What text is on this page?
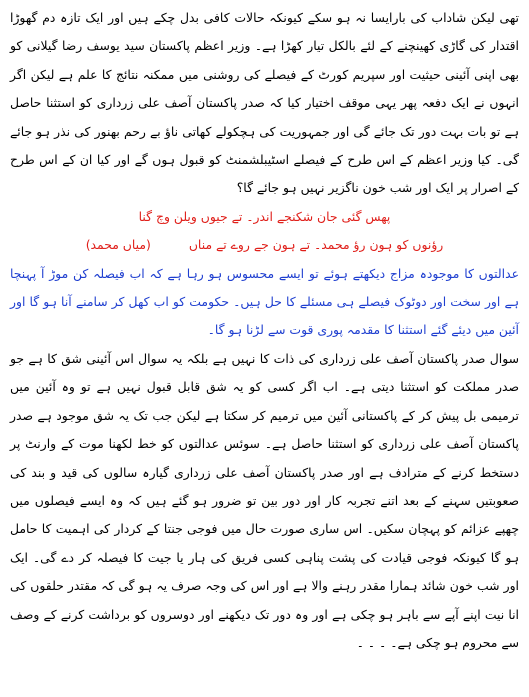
تھی لیکن شاداب کی بارایسا نہ ہو سکے کیونکہ حالات کافی بدل چکے ہیں اور ایک تازہ دم گھوڑا اقتدار کی گاڑی کھینچنے کے لئے بالکل تیار کھڑا ہے۔ وزیر اعظم پاکستان سید یوسف رضا گیلانی کو بھی اپنی آئینی حیثیت اور سپریم کورٹ کے فیصلے کی روشنی میں ممکنہ نتائج کا علم ہے لیکن اگر انہوں نے ایک دفعہ پھر یہی موقف اختیار کیا کہ صدر پاکستان آصف علی زرداری کو استثنا حاصل ہے تو بات بہت دور تک جائے گی اور جمہوریت کی ہچکولے کھاتی ناؤ بے رحم بھنور کی نذر ہو جائے گی۔ کیا وزیر اعظم کے اس طرح کے فیصلے اسٹیبلشمنٹ کو قبول ہوں گے اور کیا ان کے اس طرح کے اصرار پر ایک اور شب خون ناگزیر نہیں ہو جائے گا؟

پھس گئی جان شکنجے اندر۔ تے جیوں ویلن وچ گنا

رؤنوں کو ہون رؤ محمد۔ تے ہون جے روے تے مناں (میاں محمد)

عدالتوں کا موجودہ مزاج دیکھتے ہوئے تو ایسے محسوس ہو رہا ہے کہ اب فیصلہ کن موڑ آ پہنچا ہے اور سخت اور دوٹوک فیصلے ہی مسئلے کا حل ہیں۔ حکومت کو اب کھل کر سامنے آنا ہو گا اور آئین میں دیئے گئے استثنا کا مقدمہ پوری قوت سے لڑنا ہو گا۔

سوال صدر پاکستان آصف علی زرداری کی ذات کا نہیں ہے بلکہ یہ سوال اس آئینی شق کا ہے جو صدر مملکت کو استثنا دیتی ہے۔ اب اگر کسی کو یہ شق قابل قبول نہیں ہے تو وہ آئین میں ترمیمی بل پیش کر کے پاکستانی آئین میں ترمیم کر سکتا ہے لیکن جب تک یہ شق موجود ہے صدر پاکستان آصف علی زرداری کو استثنا حاصل ہے۔ سوئس عدالتوں کو خط لکھنا موت کے وارنٹ پر دستخط کرنے کے مترادف ہے اور صدر پاکستان آصف علی زرداری گیارہ سالوں کی قید و بند کی صعوبتیں سہنے کے بعد اتنے تجربہ کار اور دور بین تو ضرور ہو گئے ہیں کہ وہ ایسے فیصلوں میں چھپے عزائم کو پہچان سکیں۔ اس ساری صورت حال میں فوجی جنتا کے کردار کی اہمیت کا حامل ہو گا کیونکہ فوجی قیادت کی پشت پناہی کسی فریق کی ہار یا جیت کا فیصلہ کر دے گی۔ ایک اور شب خون شائد ہمارا مقدر رہنے والا ہے اور اس کی وجہ صرف یہ ہو گی کہ مقتدر حلقوں کی انا نیت اپنے آپے سے باہر ہو چکی ہے اور وہ دور تک دیکھنے اور دوسروں کو برداشت کرنے کے وصف سے محروم ہو چکی ہے۔ ۔ ۔ ۔
